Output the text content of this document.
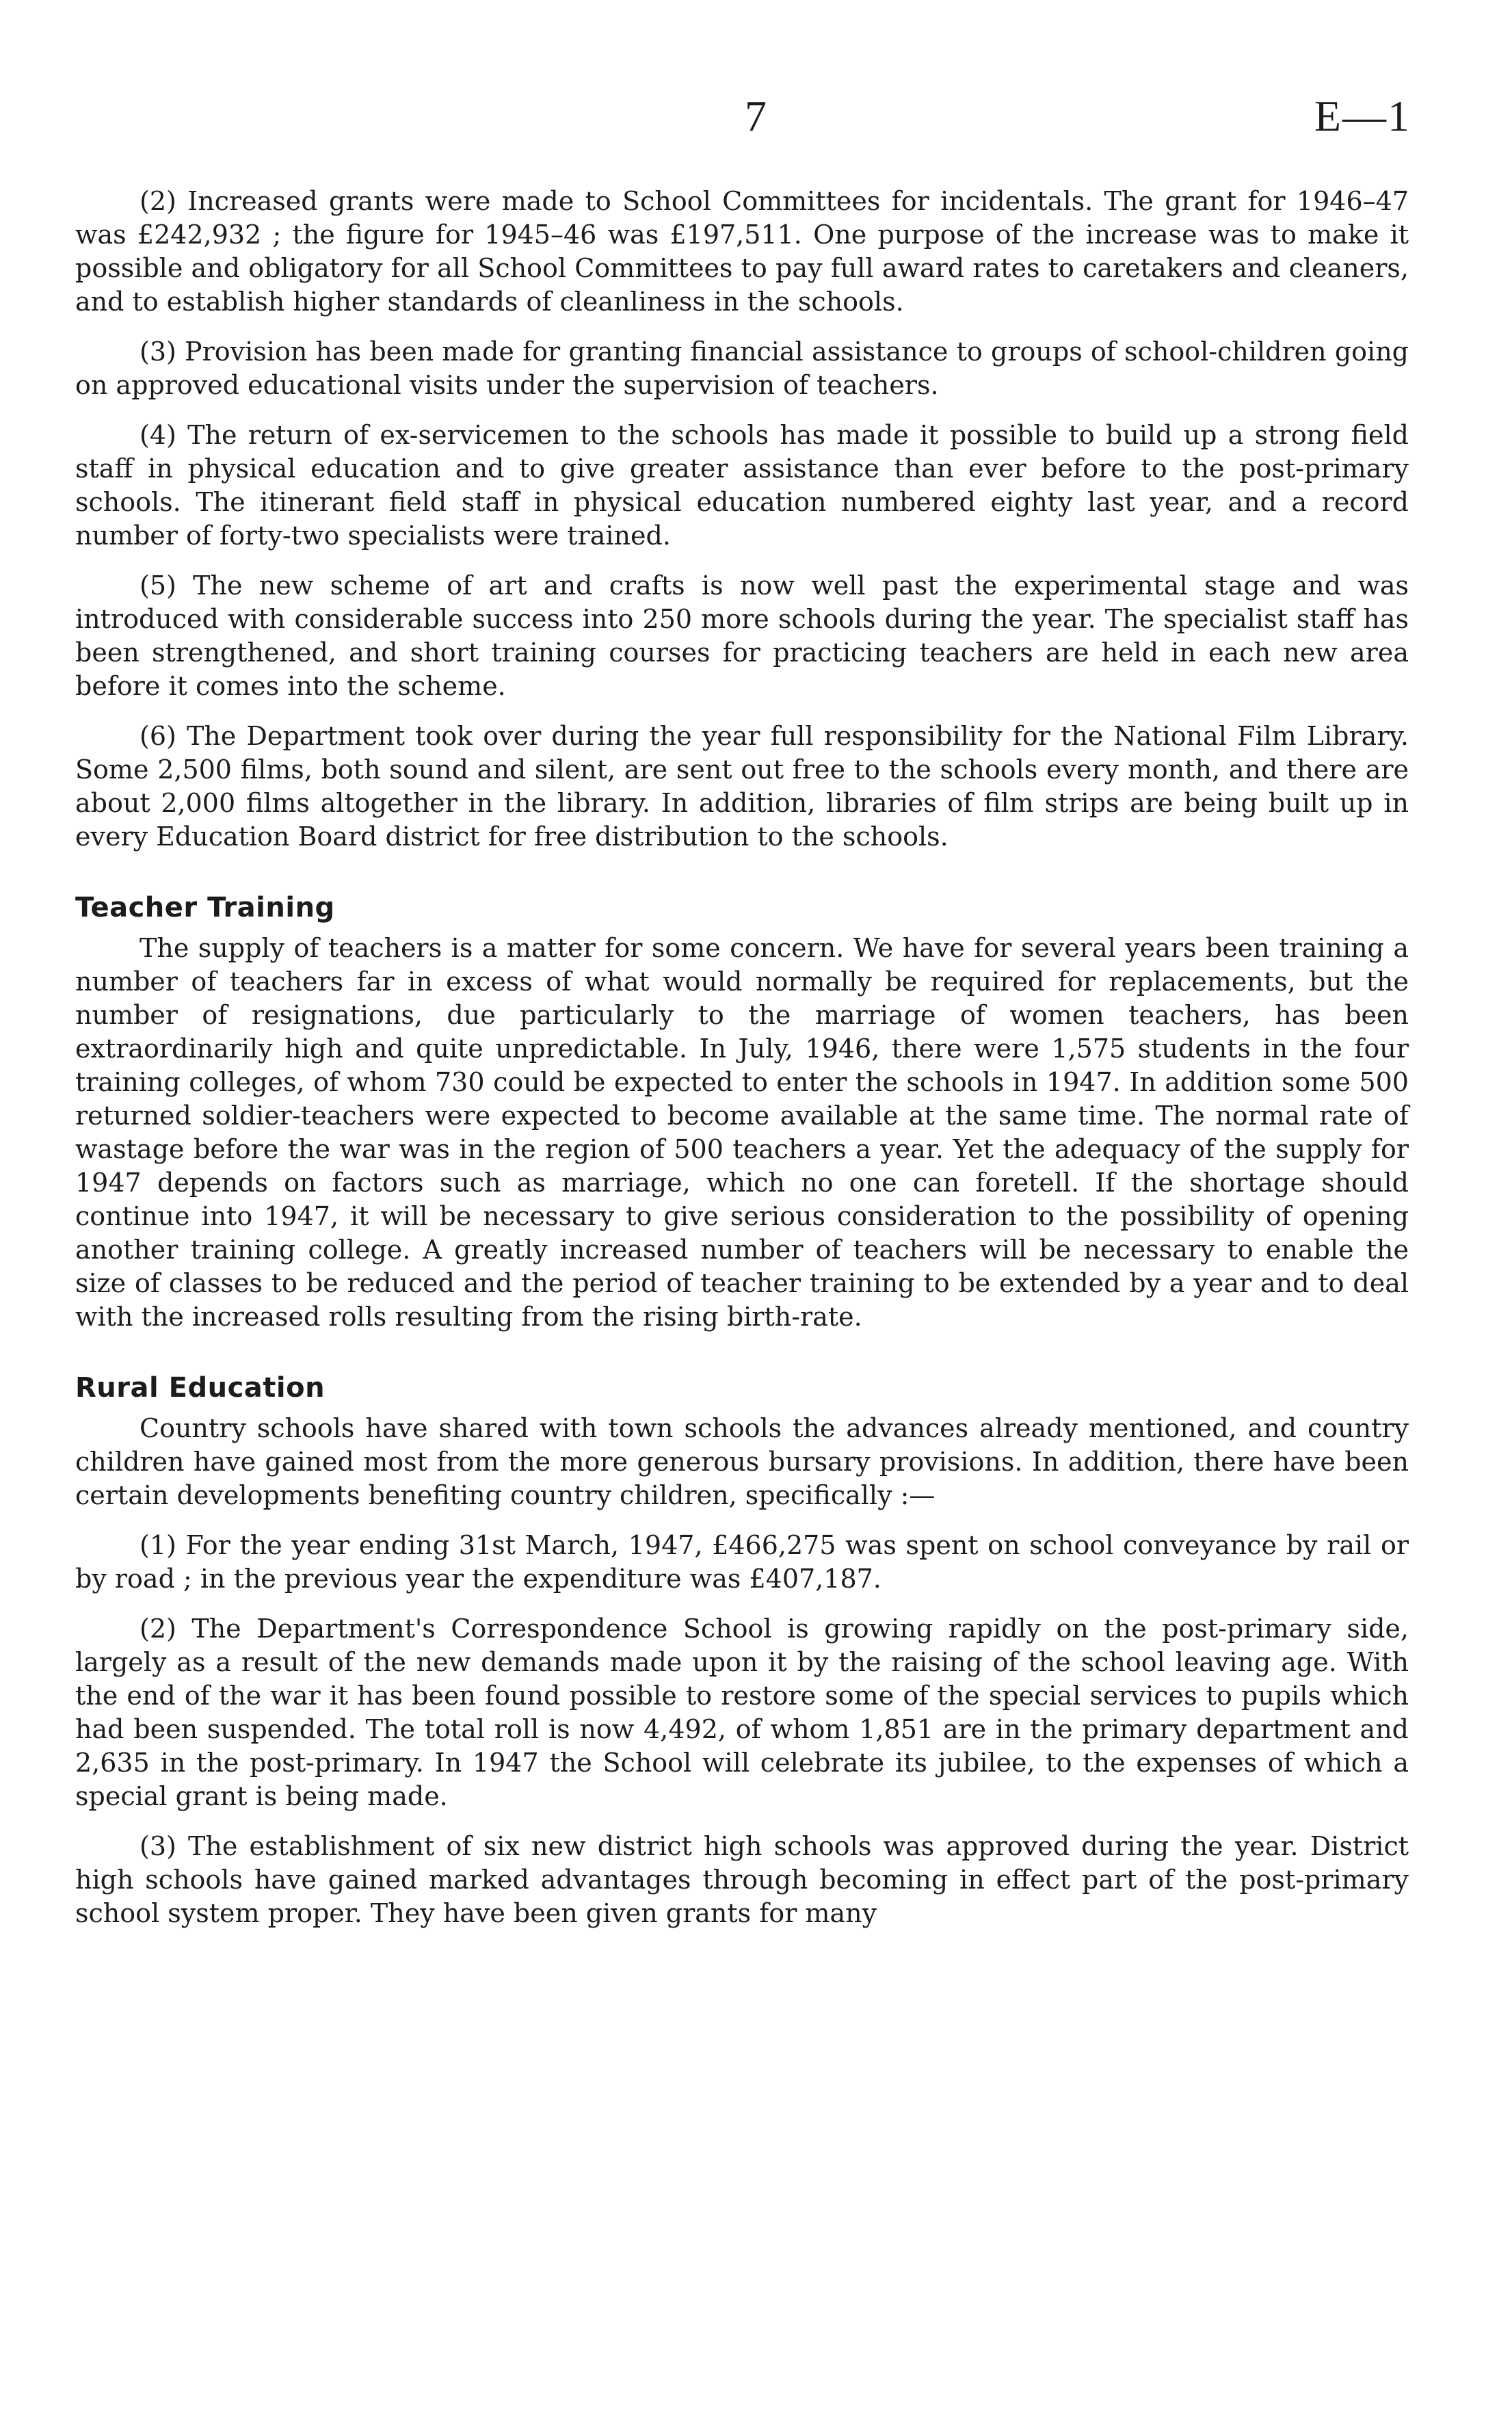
7	E—1

(2) Increased grants were made to School Committees for incidentals. The grant for 1946–47 was £242,932 ; the figure for 1945–46 was £197,511. One purpose of the increase was to make it possible and obligatory for all School Committees to pay full award rates to caretakers and cleaners, and to establish higher standards of cleanliness in the schools.

(3) Provision has been made for granting financial assistance to groups of school-children going on approved educational visits under the supervision of teachers.

(4) The return of ex-servicemen to the schools has made it possible to build up a strong field staff in physical education and to give greater assistance than ever before to the post-primary schools. The itinerant field staff in physical education numbered eighty last year, and a record number of forty-two specialists were trained.

(5) The new scheme of art and crafts is now well past the experimental stage and was introduced with considerable success into 250 more schools during the year. The specialist staff has been strengthened, and short training courses for practicing teachers are held in each new area before it comes into the scheme.

(6) The Department took over during the year full responsibility for the National Film Library. Some 2,500 films, both sound and silent, are sent out free to the schools every month, and there are about 2,000 films altogether in the library. In addition, libraries of film strips are being built up in every Education Board district for free distribution to the schools.

Teacher Training

The supply of teachers is a matter for some concern. We have for several years been training a number of teachers far in excess of what would normally be required for replacements, but the number of resignations, due particularly to the marriage of women teachers, has been extraordinarily high and quite unpredictable. In July, 1946, there were 1,575 students in the four training colleges, of whom 730 could be expected to enter the schools in 1947. In addition some 500 returned soldier-teachers were expected to become available at the same time. The normal rate of wastage before the war was in the region of 500 teachers a year. Yet the adequacy of the supply for 1947 depends on factors such as marriage, which no one can foretell. If the shortage should continue into 1947, it will be necessary to give serious consideration to the possibility of opening another training college. A greatly increased number of teachers will be necessary to enable the size of classes to be reduced and the period of teacher training to be extended by a year and to deal with the increased rolls resulting from the rising birth-rate.

Rural Education

Country schools have shared with town schools the advances already mentioned, and country children have gained most from the more generous bursary provisions. In addition, there have been certain developments benefiting country children, specifically :—

(1) For the year ending 31st March, 1947, £466,275 was spent on school conveyance by rail or by road ; in the previous year the expenditure was £407,187.

(2) The Department's Correspondence School is growing rapidly on the post-primary side, largely as a result of the new demands made upon it by the raising of the school leaving age. With the end of the war it has been found possible to restore some of the special services to pupils which had been suspended. The total roll is now 4,492, of whom 1,851 are in the primary department and 2,635 in the post-primary. In 1947 the School will celebrate its jubilee, to the expenses of which a special grant is being made.

(3) The establishment of six new district high schools was approved during the year. District high schools have gained marked advantages through becoming in effect part of the post-primary school system proper. They have been given grants for many
